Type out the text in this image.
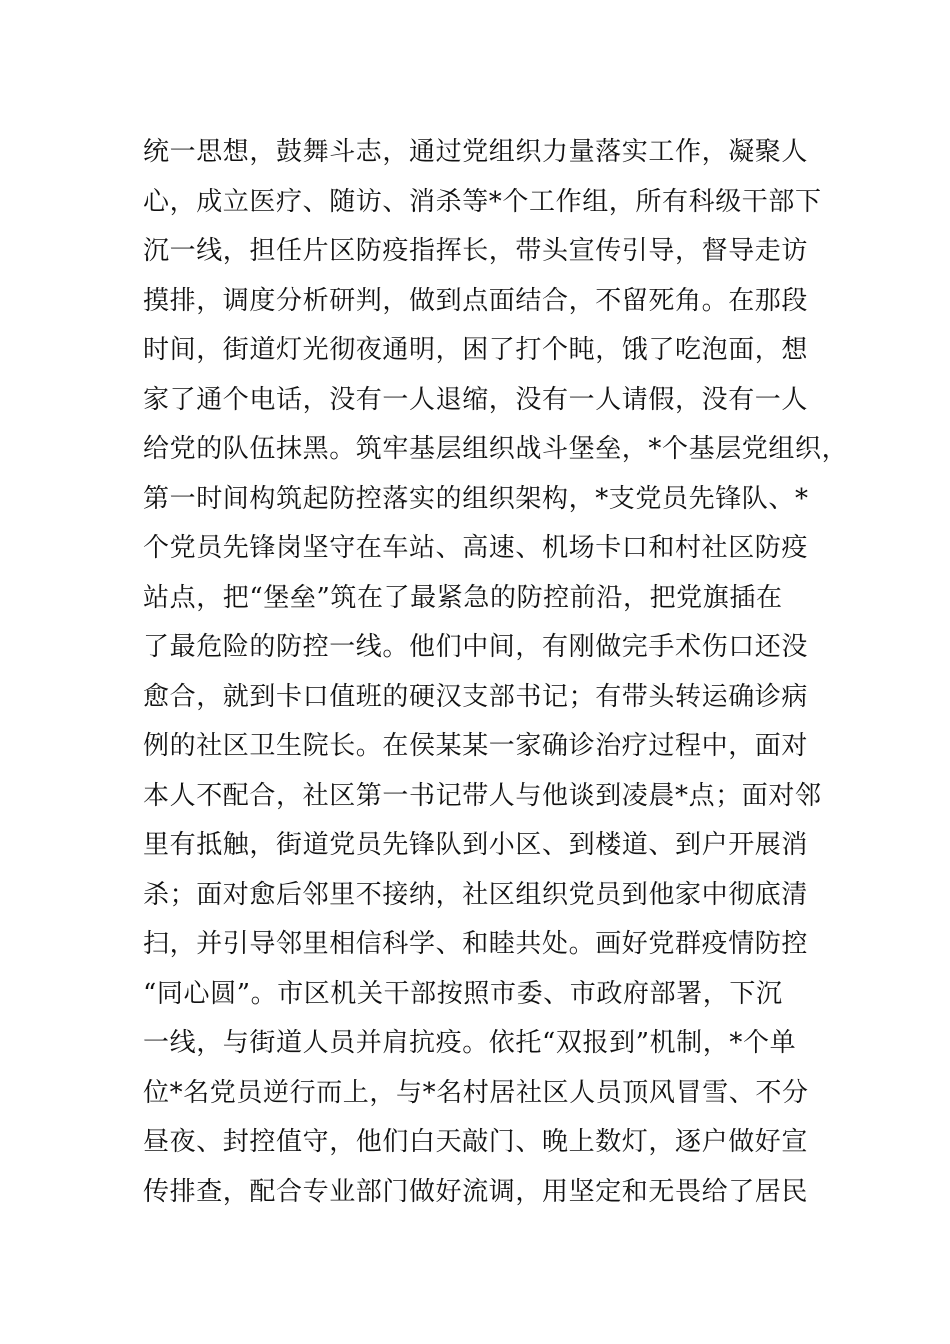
统一思想，鼓舞斗志，通过党组织力量落实工作，凝聚人
心，成立医疗、随访、消杀等*个工作组，所有科级干部下
沉一线，担任片区防疫指挥长，带头宣传引导，督导走访
摸排，调度分析研判，做到点面结合，不留死角。在那段
时间，街道灯光彻夜通明，困了打个盹，饿了吃泡面，想
家了通个电话，没有一人退缩，没有一人请假，没有一人
给党的队伍抹黑。筑牢基层组织战斗堡垒，*个基层党组织，
第一时间构筑起防控落实的组织架构，*支党员先锋队、*
个党员先锋岗坚守在车站、高速、机场卡口和村社区防疫
站点，把“堡垒”筑在了最紧急的防控前沿，把党旗插在
了最危险的防控一线。他们中间，有刚做完手术伤口还没
愈合，就到卡口值班的硬汉支部书记；有带头转运确诊病
例的社区卫生院长。在侯某某一家确诊治疗过程中，面对
本人不配合，社区第一书记带人与他谈到凌晨*点；面对邻
里有抵触，街道党员先锋队到小区、到楼道、到户开展消
杀；面对愈后邻里不接纳，社区组织党员到他家中彻底清
扫，并引导邻里相信科学、和睦共处。画好党群疫情防控
“同心圆”。市区机关干部按照市委、市政府部署，下沉
一线，与街道人员并肩抗疫。依托“双报到”机制，*个单
位*名党员逆行而上，与*名村居社区人员顶风冒雪、不分
昼夜、封控值守，他们白天敲门、晚上数灯，逐户做好宣
传排查，配合专业部门做好流调，用坚定和无畏给了居民
